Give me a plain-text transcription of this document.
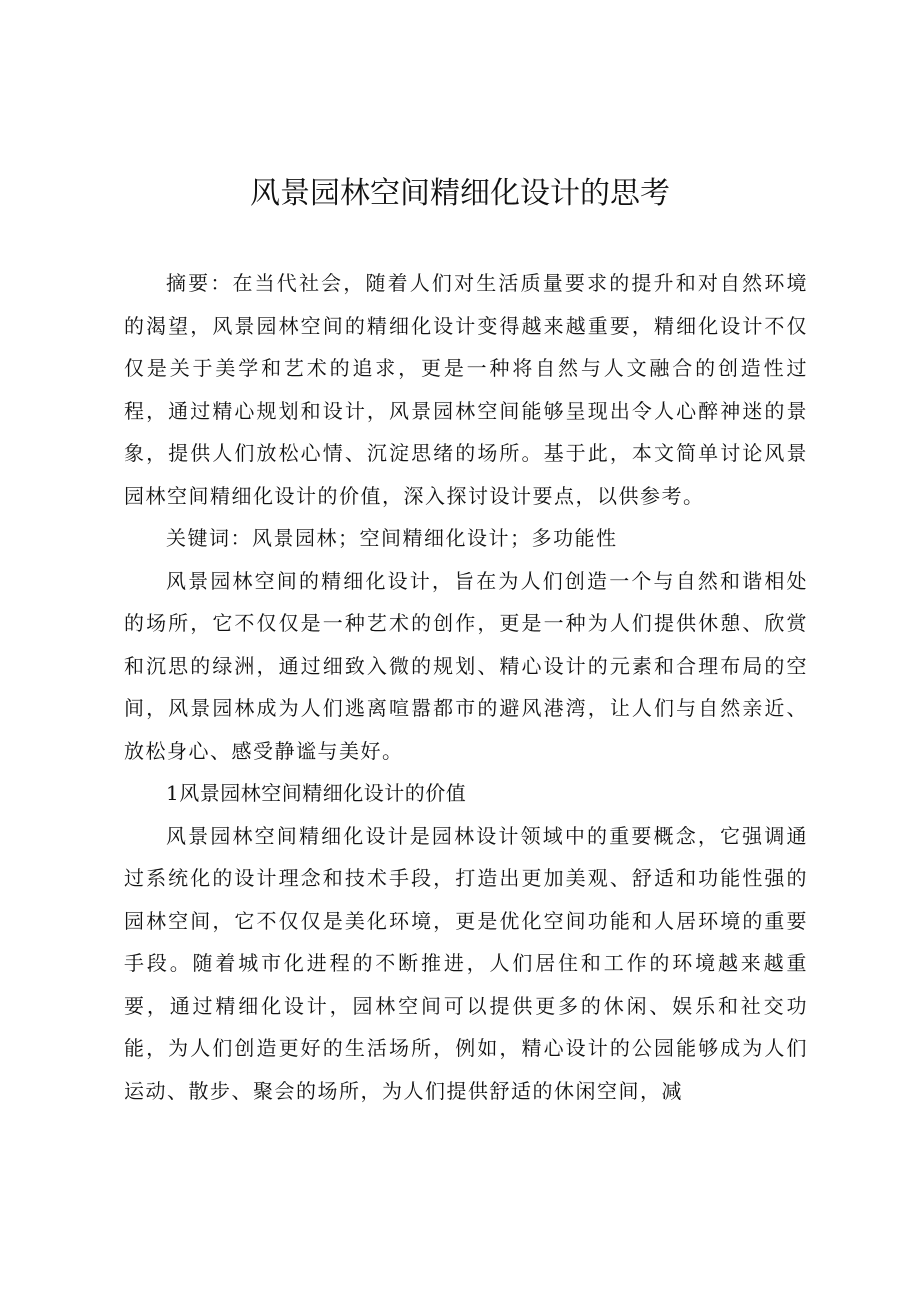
风景园林空间精细化设计的思考

摘要：在当代社会，随着人们对生活质量要求的提升和对自然环境的渴望，风景园林空间的精细化设计变得越来越重要，精细化设计不仅仅是关于美学和艺术的追求，更是一种将自然与人文融合的创造性过程，通过精心规划和设计，风景园林空间能够呈现出令人心醉神迷的景象，提供人们放松心情、沉淀思绪的场所。基于此，本文简单讨论风景园林空间精细化设计的价值，深入探讨设计要点，以供参考。

关键词：风景园林；空间精细化设计；多功能性

风景园林空间的精细化设计，旨在为人们创造一个与自然和谐相处的场所，它不仅仅是一种艺术的创作，更是一种为人们提供休憩、欣赏和沉思的绿洲，通过细致入微的规划、精心设计的元素和合理布局的空间，风景园林成为人们逃离喧嚣都市的避风港湾，让人们与自然亲近、放松身心、感受静谧与美好。

1风景园林空间精细化设计的价值

风景园林空间精细化设计是园林设计领域中的重要概念，它强调通过系统化的设计理念和技术手段，打造出更加美观、舒适和功能性强的园林空间，它不仅仅是美化环境，更是优化空间功能和人居环境的重要手段。随着城市化进程的不断推进，人们居住和工作的环境越来越重要，通过精细化设计，园林空间可以提供更多的休闲、娱乐和社交功能，为人们创造更好的生活场所，例如，精心设计的公园能够成为人们运动、散步、聚会的场所，为人们提供舒适的休闲空间，减
